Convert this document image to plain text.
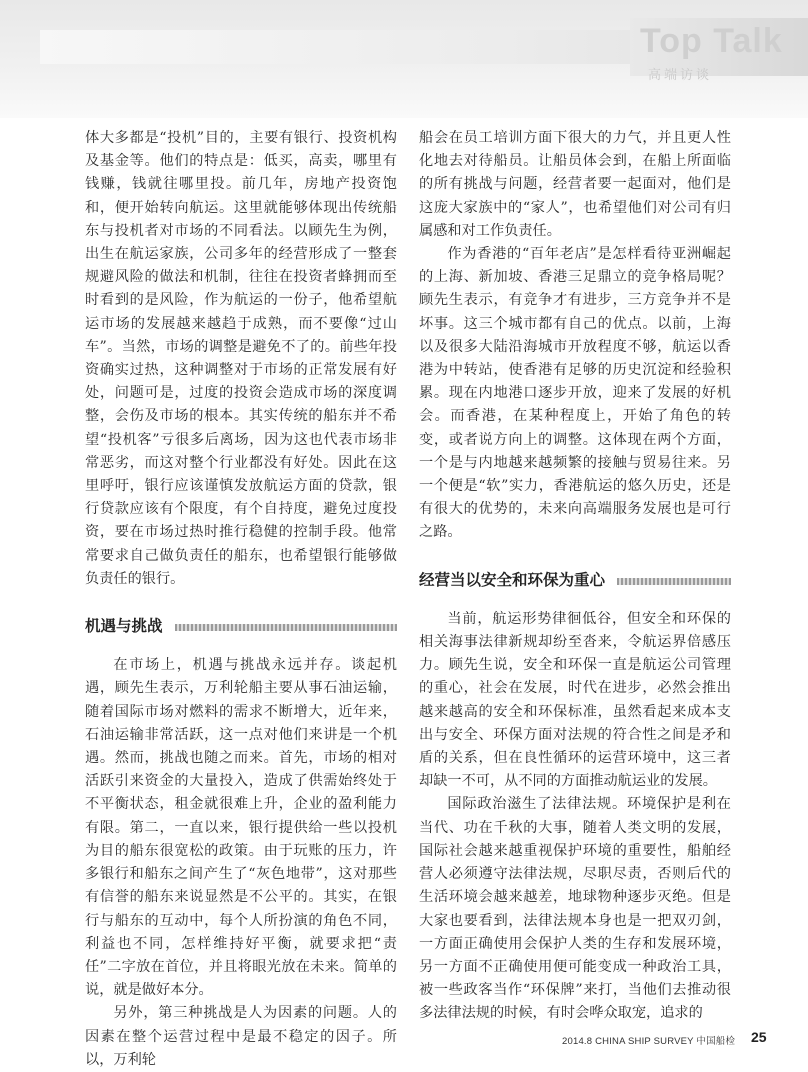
Top Talk
高端访谈

体大多都是“投机”目的，主要有银行、投资机构及基金等。他们的特点是：低买，高卖，哪里有钱赚，钱就往哪里投。前几年，房地产投资饱和，便开始转向航运。这里就能够体现出传统船东与投机者对市场的不同看法。以顾先生为例，出生在航运家族，公司多年的经营形成了一整套规避风险的做法和机制，往往在投资者蜂拥而至时看到的是风险，作为航运的一份子，他希望航运市场的发展越来越趋于成熟，而不要像“过山车”。当然，市场的调整是避免不了的。前些年投资确实过热，这种调整对于市场的正常发展有好处，问题可是，过度的投资会造成市场的深度调整，会伤及市场的根本。其实传统的船东并不希望“投机客”亏很多后离场，因为这也代表市场非常恶劣，而这对整个行业都没有好处。因此在这里呼吁，银行应该谨慎发放航运方面的贷款，银行贷款应该有个限度，有个自持度，避免过度投资，要在市场过热时推行稳健的控制手段。他常常要求自己做负责任的船东，也希望银行能够做负责任的银行。

机遇与挑战

在市场上，机遇与挑战永远并存。谈起机遇，顾先生表示，万利轮船主要从事石油运输，随着国际市场对燃料的需求不断增大，近年来，石油运输非常活跃，这一点对他们来讲是一个机遇。然而，挑战也随之而来。首先，市场的相对活跃引来资金的大量投入，造成了供需始终处于不平衡状态，租金就很难上升，企业的盈利能力有限。第二，一直以来，银行提供给一些以投机为目的船东很宽松的政策。由于玩账的压力，许多银行和船东之间产生了“灰色地带”，这对那些有信誉的船东来说显然是不公平的。其实，在银行与船东的互动中，每个人所扮演的角色不同，利益也不同，怎样维持好平衡，就要求把“责任”二字放在首位，并且将眼光放在未来。简单的说，就是做好本分。

另外，第三种挑战是人为因素的问题。人的因素在整个运营过程中是最不稳定的因子。所以，万利轮

船会在员工培训方面下很大的力气，并且更人性化地去对待船员。让船员体会到，在船上所面临的所有挑战与问题，经营者要一起面对，他们是这庞大家族中的“家人”，也希望他们对公司有归属感和对工作负责任。

作为香港的“百年老店”是怎样看待亚洲崛起的上海、新加坡、香港三足鼎立的竞争格局呢？顾先生表示，有竞争才有进步，三方竞争并不是坏事。这三个城市都有自己的优点。以前，上海以及很多大陆沿海城市开放程度不够，航运以香港为中转站，使香港有足够的历史沉淀和经验积累。现在内地港口逐步开放，迎来了发展的好机会。而香港，在某种程度上，开始了角色的转变，或者说方向上的调整。这体现在两个方面，一个是与内地越来越频繁的接触与贸易往来。另一个便是“软”实力，香港航运的悠久历史，还是有很大的优势的，未来向高端服务发展也是可行之路。

经营当以安全和环保为重心

当前，航运形势律徊低谷，但安全和环保的相关海事法律新规却纷至沓来，令航运界倍感压力。顾先生说，安全和环保一直是航运公司管理的重心，社会在发展，时代在进步，必然会推出越来越高的安全和环保标准，虽然看起来成本支出与安全、环保方面对法规的符合性之间是矛和盾的关系，但在良性循环的运营环境中，这三者却缺一不可，从不同的方面推动航运业的发展。

国际政治滋生了法律法规。环境保护是利在当代、功在千秋的大事，随着人类文明的发展，国际社会越来越重视保护环境的重要性，船舶经营人必须遵守法律法规，尽职尽责，否则后代的生活环境会越来越差，地球物种逐步灭绝。但是大家也要看到，法律法规本身也是一把双刃剑，一方面正确使用会保护人类的生存和发展环境，另一方面不正确使用便可能变成一种政治工具，被一些政客当作“环保牌”来打，当他们去推动很多法律法规的时候，有时会哗众取宠，追求的

2014.8 CHINA SHIP SURVEY 中国船检 25
